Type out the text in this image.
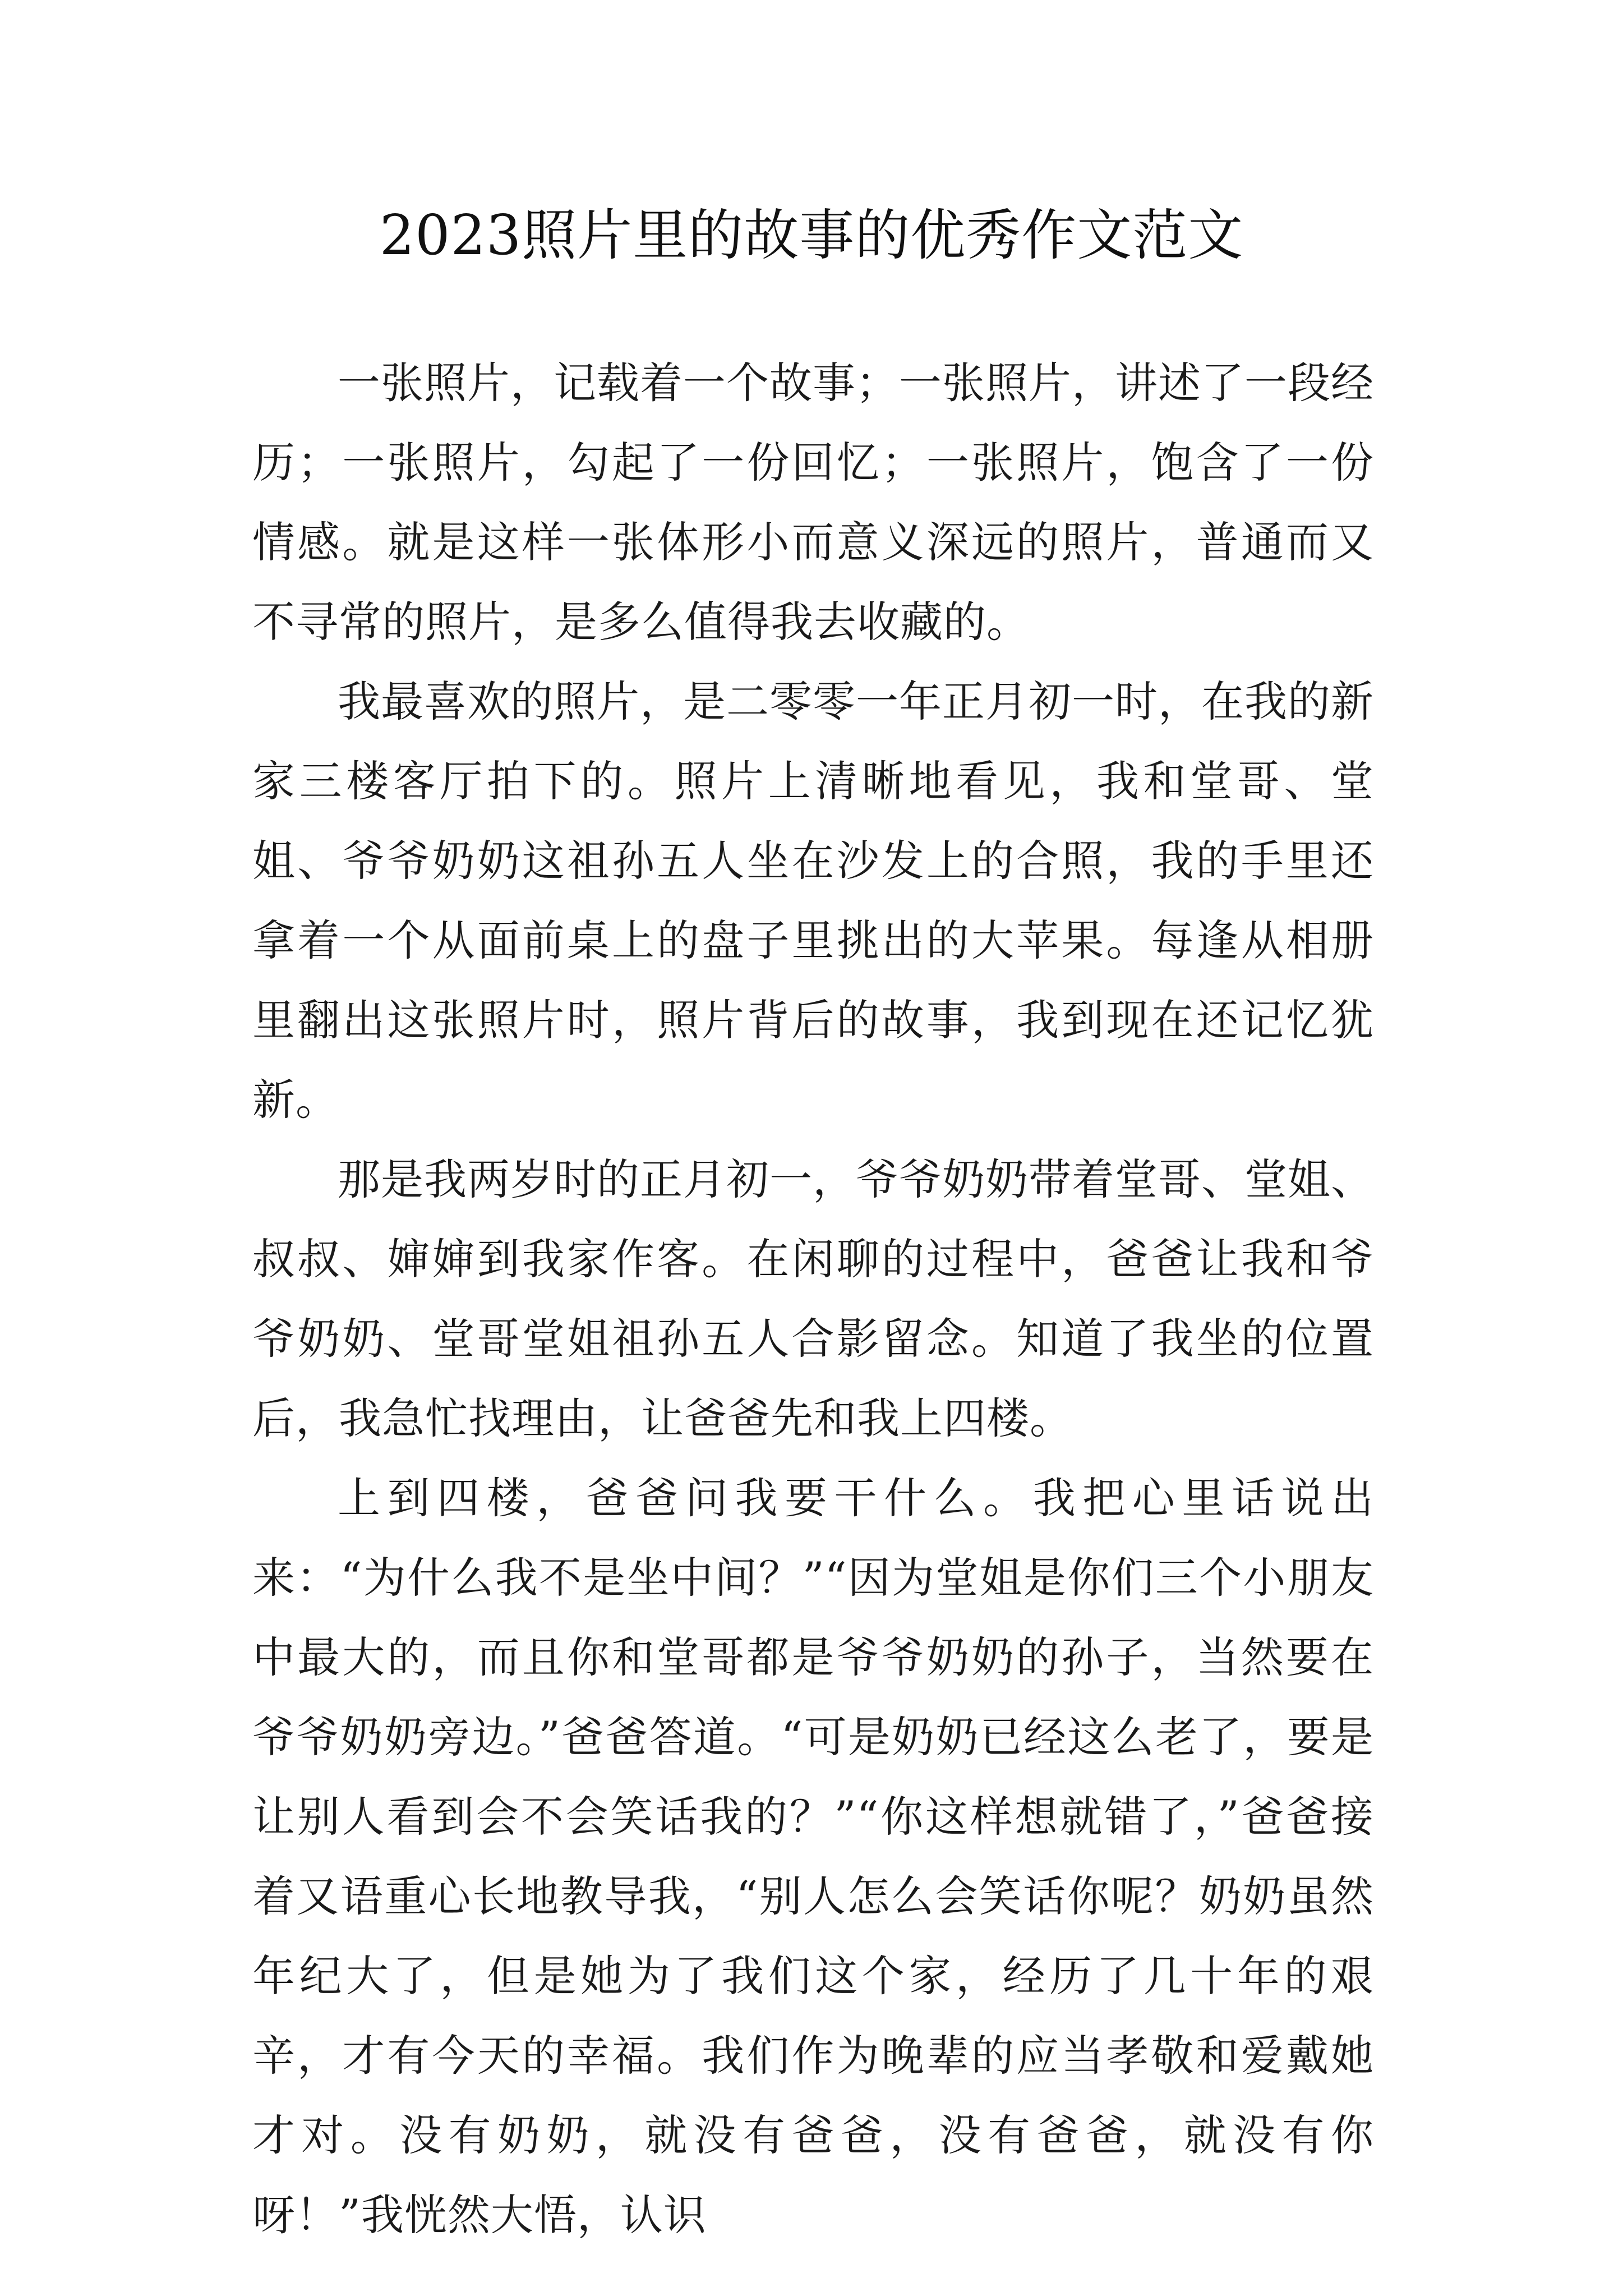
2023照片里的故事的优秀作文范文

一张照片，记载着一个故事；一张照片，讲述了一段经历；一张照片，勾起了一份回忆；一张照片，饱含了一份情感。就是这样一张体形小而意义深远的照片，普通而又不寻常的照片，是多么值得我去收藏的。

我最喜欢的照片，是二零零一年正月初一时，在我的新家三楼客厅拍下的。照片上清晰地看见，我和堂哥、堂姐、爷爷奶奶这祖孙五人坐在沙发上的合照，我的手里还拿着一个从面前桌上的盘子里挑出的大苹果。每逢从相册里翻出这张照片时，照片背后的故事，我到现在还记忆犹新。

那是我两岁时的正月初一，爷爷奶奶带着堂哥、堂姐、叔叔、婶婶到我家作客。在闲聊的过程中，爸爸让我和爷爷奶奶、堂哥堂姐祖孙五人合影留念。知道了我坐的位置后，我急忙找理由，让爸爸先和我上四楼。

上到四楼，爸爸问我要干什么。我把心里话说出来：“为什么我不是坐中间？”“因为堂姐是你们三个小朋友中最大的，而且你和堂哥都是爷爷奶奶的孙子，当然要在爷爷奶奶旁边。”爸爸答道。“可是奶奶已经这么老了，要是让别人看到会不会笑话我的？”“你这样想就错了，”爸爸接着又语重心长地教导我，“别人怎么会笑话你呢？奶奶虽然年纪大了，但是她为了我们这个家，经历了几十年的艰辛，才有今天的幸福。我们作为晚辈的应当孝敬和爱戴她才对。没有奶奶，就没有爸爸，没有爸爸，就没有你呀！”我恍然大悟，认识
